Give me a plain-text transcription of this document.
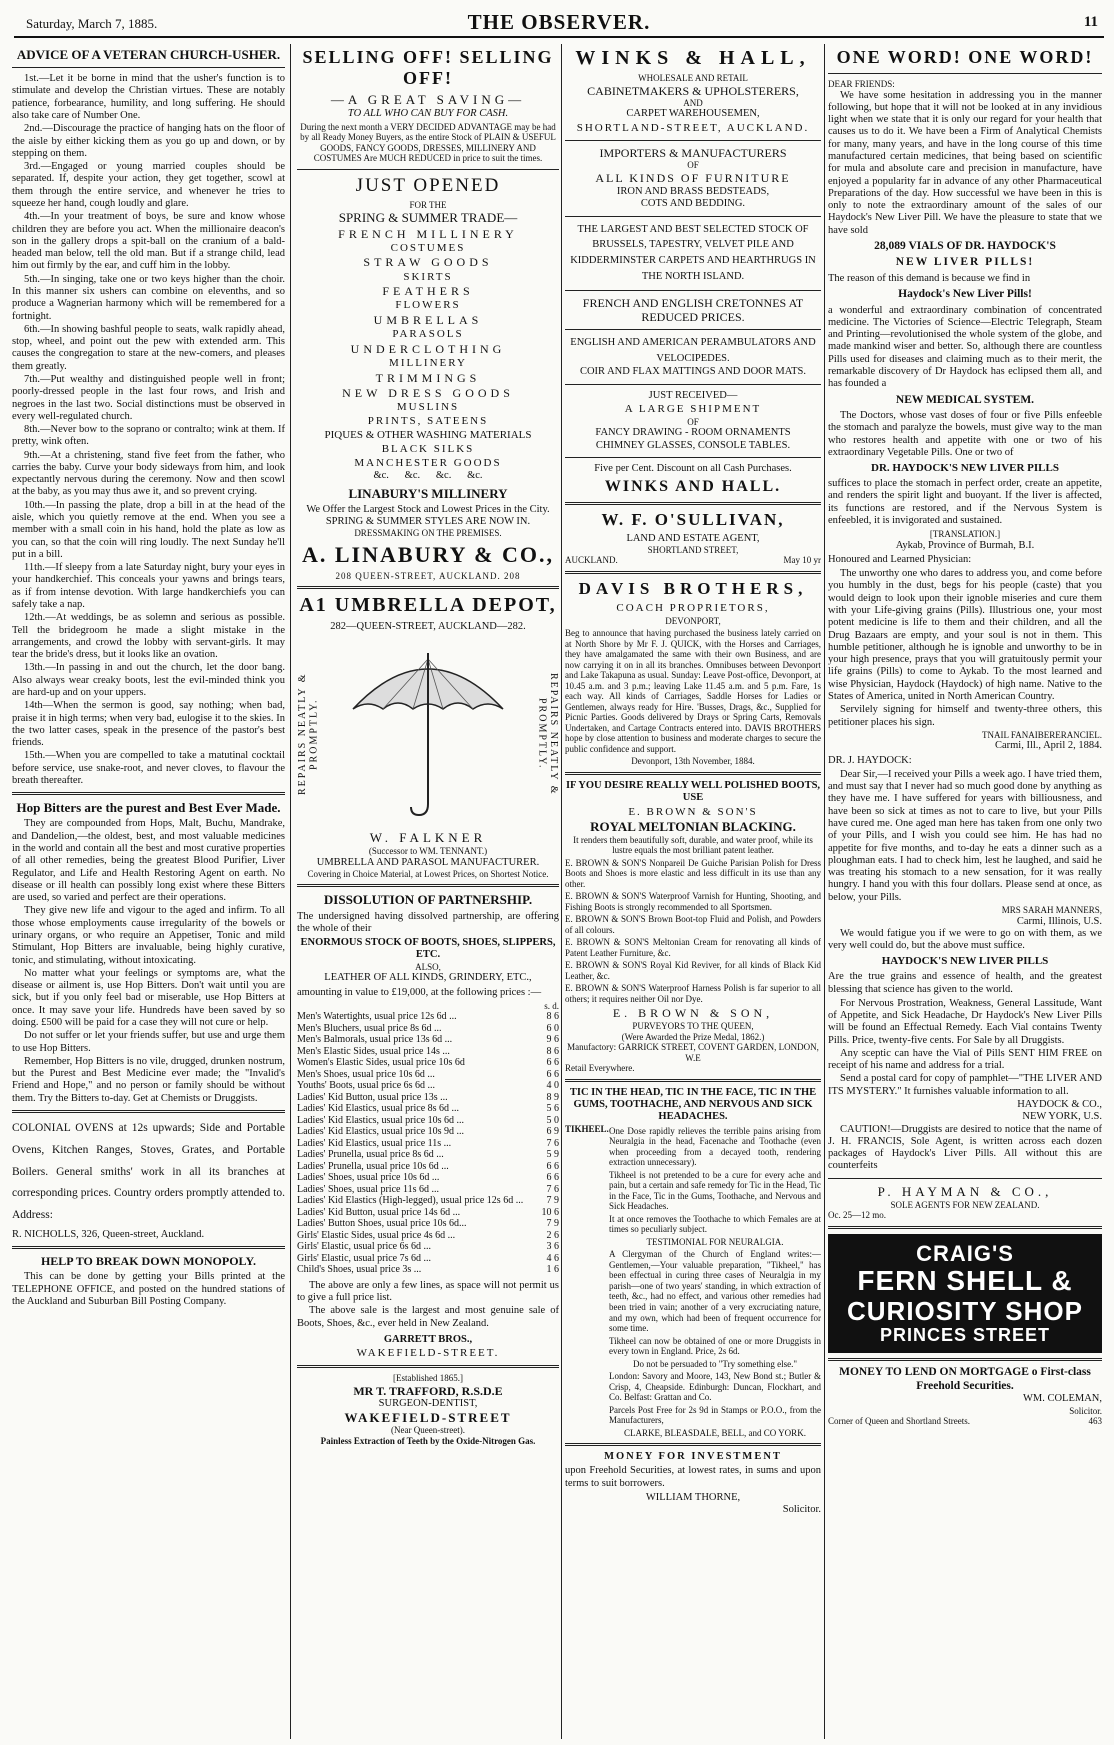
Saturday, March 7, 1885.	THE OBSERVER.	11
ADVICE OF A VETERAN CHURCH-USHER.

1st.—Let it be borne in mind that the usher's function is to stimulate and develop the Christian virtues. These are notably patience, forbearance, humility, and long suffering. He should also take care of Number One.

2nd.—Discourage the practice of hanging hats on the floor of the aisle by either kicking them as you go up and down, or by stepping on them.

3rd.—Engaged or young married couples should be separated. If, despite your action, they get together, scowl at them through the entire service, and whenever he tries to squeeze her hand, cough loudly and glare.

4th.—In your treatment of boys, be sure and know whose children they are before you act. When the millionaire deacon's son in the gallery drops a spit-ball on the cranium of a bald-headed man below, tell the old man. But if a strange child, lead him out firmly by the ear, and cuff him in the lobby.

5th.—In singing, take one or two keys higher than the choir. In this manner six ushers can combine on elevenths, and so produce a Wagnerian harmony which will be remembered for a fortnight.

6th.—In showing bashful people to seats, walk rapidly ahead, stop, wheel, and point out the pew with extended arm. This causes the congregation to stare at the new-comers, and pleases them greatly.

7th.—Put wealthy and distinguished people well in front; poorly-dressed people in the last four rows, and Irish and negroes in the last two. Social distinctions must be observed in every well-regulated church.

8th.—Never bow to the soprano or contralto; wink at them. If pretty, wink often.

9th.—At a christening, stand five feet from the father, who carries the baby. Curve your body sideways from him, and look expectantly nervous during the ceremony. Now and then scowl at the baby, as you may thus awe it, and so prevent crying.

10th.—In passing the plate, drop a bill in at the head of the aisle, which you quietly remove at the end. When you see a member with a small coin in his hand, hold the plate as low as you can, so that the coin will ring loudly. The next Sunday he'll put in a bill.

11th.—If sleepy from a late Saturday night, bury your eyes in your handkerchief. This conceals your yawns and brings tears, as if from intense devotion. With large handkerchiefs you can safely take a nap.

12th.—At weddings, be as solemn and serious as possible. Tell the bridegroom he made a slight mistake in the arrangements, and crowd the lobby with servant-girls. It may tear the bride's dress, but it looks like an ovation.

13th.—In passing in and out the church, let the door bang. Also always wear creaky boots, lest the evil-minded think you are hard-up and on your uppers.

14th—When the sermon is good, say nothing; when bad, praise it in high terms; when very bad, eulogise it to the skies. In the two latter cases, speak in the presence of the pastor's best friends.

15th.—When you are compelled to take a matutinal cocktail before service, use snake-root, and never cloves, to flavour the breath thereafter.

Hop Bitters are the purest and Best Ever Made.

They are compounded from Hops, Malt, Buchu, Mandrake, and Dandelion,—the oldest, best, and most valuable medicines in the world and contain all the best and most curative properties of all other remedies, being the greatest Blood Purifier, Liver Regulator, and Life and Health Restoring Agent on earth. No disease or ill health can possibly long exist where these Bitters are used, so varied and perfect are their operations.

They give new life and vigour to the aged and infirm. To all those whose employments cause irregularity of the bowels or urinary organs, or who require an Appetiser, Tonic and mild Stimulant, Hop Bitters are invaluable, being highly curative, tonic, and stimulating, without intoxicating.

No matter what your feelings or symptoms are, what the disease or ailment is, use Hop Bitters. Don't wait until you are sick, but if you only feel bad or miserable, use Hop Bitters at once. It may save your life. Hundreds have been saved by so doing. £500 will be paid for a case they will not cure or help.

Do not suffer or let your friends suffer, but use and urge them to use Hop Bitters.

Remember, Hop Bitters is no vile, drugged, drunken nostrum, but the Purest and Best Medicine ever made; the "Invalid's Friend and Hope," and no person or family should be without them. Try the Bitters to-day. Get at Chemists or Druggists.

COLONIAL OVENS at 12s upwards; Side and Portable Ovens, Kitchen Ranges, Stoves, Grates, and Portable Boilers. General smiths' work in all its branches at corresponding prices. Country orders promptly attended to. Address:

R. NICHOLLS, 326, Queen-street, Auckland.

HELP TO BREAK DOWN MONOPOLY.

This can be done by getting your Bills printed at the TELEPHONE OFFICE, and posted on the hundred stations of the Auckland and Suburban Bill Posting Company.

SELLING OFF! SELLING OFF!
—A GREAT SAVING—
TO ALL WHO CAN BUY FOR CASH.

During the next month a VERY DECIDED ADVANTAGE may be had by all Ready Money Buyers, as the entire Stock of PLAIN & USEFUL GOODS, FANCY GOODS, DRESSES, MILLINERY AND COSTUMES Are MUCH REDUCED in price to suit the times.

JUST OPENED
FOR THE
SPRING & SUMMER TRADE—
FRENCH MILLINERY
COSTUMES
STRAW GOODS
SKIRTS
FEATHERS
FLOWERS
UMBRELLAS
PARASOLS
UNDERCLOTHING
MILLINERY
TRIMMINGS
NEW DRESS GOODS
MUSLINS
PRINTS, SATEENS
PIQUES & OTHER WASHING MATERIALS
BLACK SILKS
MANCHESTER GOODS
&c.      &c.      &c.      &c.
LINABURY'S MILLINERY
We Offer the Largest Stock and Lowest Prices in the City.
SPRING & SUMMER STYLES ARE NOW IN.
DRESSMAKING ON THE PREMISES.
A. LINABURY & CO.,
208 QUEEN-STREET, AUCKLAND. 208
A1 UMBRELLA DEPOT,
282—QUEEN-STREET, AUCKLAND—282.
REPAIRS NEATLY & PROMPTLY.	REPAIRS NEATLY & PROMPTLY.
W. FALKNER
(Successor to WM. TENNANT.)
UMBRELLA AND PARASOL MANUFACTURER.
Covering in Choice Material, at Lowest Prices, on Shortest Notice.
DISSOLUTION OF PARTNERSHIP.

The undersigned having dissolved partnership, are offering the whole of their

ENORMOUS STOCK OF BOOTS, SHOES, SLIPPERS, ETC.
ALSO,
LEATHER OF ALL KINDS, GRINDERY, ETC.,

amounting in value to £19,000, at the following prices :—

s. d.
Men's Watertights, usual price 12s 6d ...	8 6
Men's Bluchers, usual price 8s 6d ...	6 0
Men's Balmorals, usual price 13s 6d ...	9 6
Men's Elastic Sides, usual price 14s ...	8 6
Women's Elastic Sides, usual price 10s 6d	6 6
Men's Shoes, usual price 10s 6d ...	6 6
Youths' Boots, usual price 6s 6d ...	4 0
Ladies' Kid Button, usual price 13s ...	8 9
Ladies' Kid Elastics, usual price 8s 6d ...	5 6
Ladies' Kid Elastics, usual price 10s 6d ...	5 0
Ladies' Kid Elastics, usual price 10s 9d ...	6 9
Ladies' Kid Elastics, usual price 11s ...	7 6
Ladies' Prunella, usual price 8s 6d ...	5 9
Ladies' Prunella, usual price 10s 6d ...	6 6
Ladies' Shoes, usual price 10s 6d ...	6 6
Ladies' Shoes, usual price 11s 6d ...	7 6
Ladies' Kid Elastics (High-legged), usual price 12s 6d ...	7 9
Ladies' Kid Button, usual price 14s 6d ...	10 6
Ladies' Button Shoes, usual price 10s 6d...	7 9
Girls' Elastic Sides, usual price 4s 6d ...	2 6
Girls' Elastic, usual price 6s 6d ...	3 6
Girls' Elastic, usual price 7s 6d ...	4 6
Child's Shoes, usual price 3s ...	1 6

The above are only a few lines, as space will not permit us to give a full price list.

The above sale is the largest and most genuine sale of Boots, Shoes, &c., ever held in New Zealand.

GARRETT BROS.,
WAKEFIELD-STREET.
[Established 1865.]
MR T. TRAFFORD, R.S.D.E
SURGEON-DENTIST,
WAKEFIELD-STREET
(Near Queen-street).
Painless Extraction of Teeth by the Oxide-Nitrogen Gas.
WINKS & HALL,
WHOLESALE AND RETAIL
CABINETMAKERS & UPHOLSTERERS,
AND
CARPET WAREHOUSEMEN,
SHORTLAND-STREET, AUCKLAND.
IMPORTERS & MANUFACTURERS
OF
ALL KINDS OF FURNITURE
IRON AND BRASS BEDSTEADS,
COTS AND BEDDING.

THE LARGEST AND BEST SELECTED STOCK OF BRUSSELS, TAPESTRY, VELVET PILE AND KIDDERMINSTER CARPETS AND HEARTHRUGS IN THE NORTH ISLAND.

FRENCH AND ENGLISH CRETONNES AT REDUCED PRICES.

ENGLISH AND AMERICAN PERAMBULATORS AND VELOCIPEDES.

COIR AND FLAX MATTINGS AND DOOR MATS.

JUST RECEIVED—
A LARGE SHIPMENT
OF
FANCY DRAWING - ROOM ORNAMENTS
CHIMNEY GLASSES, CONSOLE TABLES.
Five per Cent. Discount on all Cash Purchases.
WINKS AND HALL.
W. F. O'SULLIVAN,
LAND AND ESTATE AGENT,
SHORTLAND STREET,
AUCKLAND.	May 10 yr
DAVIS BROTHERS,
COACH PROPRIETORS,
DEVONPORT,

Beg to announce that having purchased the business lately carried on at North Shore by Mr F. J. QUICK, with the Horses and Carriages, they have amalgamated the same with their own Business, and are now carrying it on in all its branches. Omnibuses between Devonport and Lake Takapuna as usual. Sunday: Leave Post-office, Devonport, at 10.45 a.m. and 3 p.m.; leaving Lake 11.45 a.m. and 5 p.m. Fare, 1s each way. All kinds of Carriages, Saddle Horses for Ladies or Gentlemen, always ready for Hire. 'Busses, Drags, &c., Supplied for Picnic Parties. Goods delivered by Drays or Spring Carts, Removals Undertaken, and Cartage Contracts entered into. DAVIS BROTHERS hope by close attention to business and moderate charges to secure the public confidence and support.

Devonport, 13th November, 1884.
IF YOU DESIRE REALLY WELL POLISHED BOOTS, USE
E. BROWN & SON'S
ROYAL MELTONIAN BLACKING.

It renders them beautifully soft, durable, and water proof, while its lustre equals the most brilliant patent leather.

E. BROWN & SON'S Nonpareil De Guiche Parisian Polish for Dress Boots and Shoes is more elastic and less difficult in its use than any other.

E. BROWN & SON'S Waterproof Varnish for Hunting, Shooting, and Fishing Boots is strongly recommended to all Sportsmen.

E. BROWN & SON'S Brown Boot-top Fluid and Polish, and Powders of all colours.

E. BROWN & SON'S Meltonian Cream for renovating all kinds of Patent Leather Furniture, &c.

E. BROWN & SON'S Royal Kid Reviver, for all kinds of Black Kid Leather, &c.

E. BROWN & SON'S Waterproof Harness Polish is far superior to all others; it requires neither Oil nor Dye.

E. BROWN & SON,
PURVEYORS TO THE QUEEN,
(Were Awarded the Prize Medal, 1862.)
Manufactory: GARRICK STREET, COVENT GARDEN, LONDON, W.E
Retail Everywhere.
TIC IN THE HEAD, TIC IN THE FACE, TIC IN THE GUMS, TOOTHACHE, AND NERVOUS AND SICK HEADACHES.
TIKHEEL. One Dose rapidly relieves the terrible pains arising from Neuralgia in the head, Facenache and Toothache (even when proceeding from a decayed tooth, rendering extraction unnecessary).

Tikheel is not pretended to be a cure for every ache and pain, but a certain and safe remedy for Tic in the Head, Tic in the Face, Tic in the Gums, Toothache, and Nervous and Sick Headaches.

It at once removes the Toothache to which Females are at times so peculiarly subject.

TESTIMONIAL FOR NEURALGIA.

A Clergyman of the Church of England writes:—Gentlemen,—Your valuable preparation, "Tikheel," has been effectual in curing three cases of Neuralgia in my parish—one of two years' standing, in which extraction of teeth, &c., had no effect, and various other remedies had been tried in vain; another of a very excruciating nature, and my own, which had been of frequent occurrence for some time.

Tikheel can now be obtained of one or more Druggists in every town in England. Price, 2s 6d.

Do not be persuaded to "Try something else."

London: Savory and Moore, 143, New Bond st.; Butler & Crisp, 4, Cheapside. Edinburgh: Duncan, Flockhart, and Co. Belfast: Grattan and Co.

Parcels Post Free for 2s 9d in Stamps or P.O.O., from the Manufacturers,

CLARKE, BLEASDALE, BELL, and CO YORK.

MONEY FOR INVESTMENT

upon Freehold Securities, at lowest rates, in sums and upon terms to suit borrowers.

WILLIAM THORNE,
Solicitor.
ONE WORD! ONE WORD!
DEAR FRIENDS:

We have some hesitation in addressing you in the manner following, but hope that it will not be looked at in any invidious light when we state that it is only our regard for your health that causes us to do it. We have been a Firm of Analytical Chemists for many, many years, and have in the long course of this time manufactured certain medicines, that being based on scientific for mula and absolute care and precision in manufacture, have enjoyed a popularity far in advance of any other Pharmaceutical Preparations of the day. How successful we have been in this is only to note the extraordinary amount of the sales of our Haydock's New Liver Pill. We have the pleasure to state that we have sold

28,089 VIALS OF DR. HAYDOCK'S
NEW LIVER PILLS!

The reason of this demand is because we find in

Haydock's New Liver Pills!

a wonderful and extraordinary combination of concentrated medicine. The Victories of Science—Electric Telegraph, Steam and Printing—revolutionised the whole system of the globe, and made mankind wiser and better. So, although there are countless Pills used for diseases and claiming much as to their merit, the remarkable discovery of Dr Haydock has eclipsed them all, and has founded a

NEW MEDICAL SYSTEM.

The Doctors, whose vast doses of four or five Pills enfeeble the stomach and paralyze the bowels, must give way to the man who restores health and appetite with one or two of his extraordinary Vegetable Pills. One or two of

DR. HAYDOCK'S NEW LIVER PILLS

suffices to place the stomach in perfect order, create an appetite, and renders the spirit light and buoyant. If the liver is affected, its functions are restored, and if the Nervous System is enfeebled, it is invigorated and sustained.

[TRANSLATION.]
Aykab, Province of Burmah, B.I.
Honoured and Learned Physician:

The unworthy one who dares to address you, and come before you humbly in the dust, begs for his people (caste) that you would deign to look upon their ignoble miseries and cure them with your Life-giving grains (Pills). Illustrious one, your most potent medicine is life to them and their children, and all the Drug Bazaars are empty, and your soul is not in them. This humble petitioner, although he is ignoble and unworthy to be in your high presence, prays that you will gratuitously permit your life grains (Pills) to come to Aykab. To the most learned and wise Physician, Haydock (Haydock) of high name. Native to the States of America, united in North American Country.

Servilely signing for himself and twenty-three others, this petitioner places his sign.

TNAIL FANAIBERERANCIEL.
Carmi, Ill., April 2, 1884.
DR. J. HAYDOCK:

Dear Sir,—I received your Pills a week ago. I have tried them, and must say that I never had so much good done by anything as they have me. I have suffered for years with billiousness, and have been so sick at times as not to care to live, but your Pills have cured me. One aged man here has taken from one only two of your Pills, and I wish you could see him. He has had no appetite for five months, and to-day he eats a dinner such as a ploughman eats. I had to check him, lest he laughed, and said he was treating his stomach to a new sensation, for it was really hungry. I hand you with this four dollars. Please send at once, as below, your Pills.

MRS SARAH MANNERS,
Carmi, Illinois, U.S.

We would fatigue you if we were to go on with them, as we very well could do, but the above must suffice.

HAYDOCK'S NEW LIVER PILLS

Are the true grains and essence of health, and the greatest blessing that science has given to the world.

For Nervous Prostration, Weakness, General Lassitude, Want of Appetite, and Sick Headache, Dr Haydock's New Liver Pills will be found an Effectual Remedy. Each Vial contains Twenty Pills. Price, twenty-five cents. For Sale by all Druggists.

Any sceptic can have the Vial of Pills SENT HIM FREE on receipt of his name and address for a trial.

Send a postal card for copy of pamphlet—"THE LIVER AND ITS MYSTERY." It furnishes valuable information to all.

HAYDOCK & CO.,
NEW YORK, U.S.

CAUTION!—Druggists are desired to notice that the name of J. H. FRANCIS, Sole Agent, is written across each dozen packages of Haydock's Liver Pills. All without this are counterfeits

P. HAYMAN & CO.,
SOLE AGENTS FOR NEW ZEALAND.
Oc. 25—12 mo.
CRAIG'S
FERN SHELL &
CURIOSITY SHOP
PRINCES STREET
MONEY TO LEND ON MORTGAGE o First-class Freehold Securities.
WM. COLEMAN,
Solicitor.
Corner of Queen and Shortland Streets.	463
